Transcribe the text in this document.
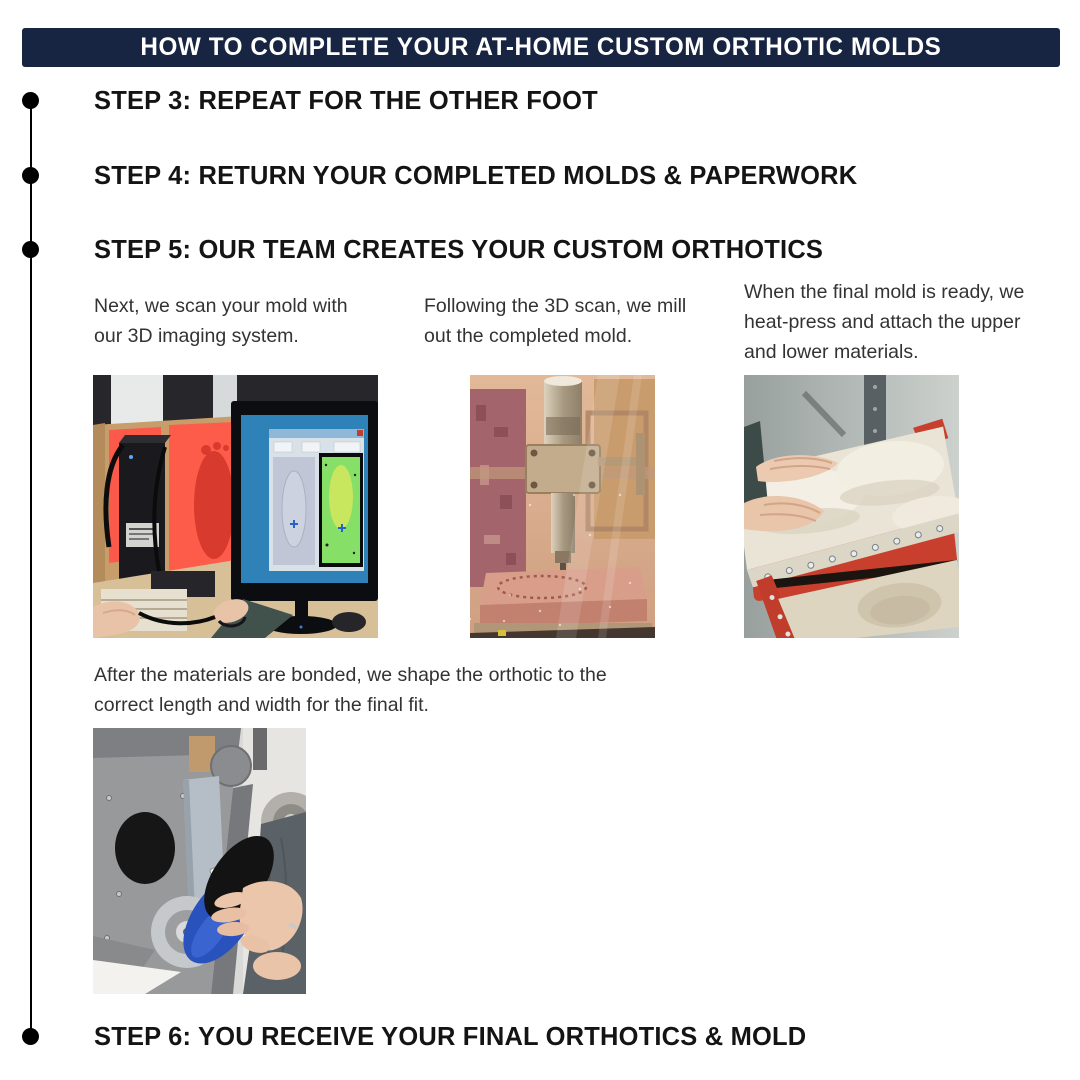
HOW TO COMPLETE YOUR AT-HOME CUSTOM ORTHOTIC MOLDS
STEP 3: REPEAT FOR THE OTHER FOOT
STEP 4: RETURN YOUR COMPLETED MOLDS & PAPERWORK
STEP 5: OUR TEAM CREATES YOUR CUSTOM ORTHOTICS
STEP 6: YOU RECEIVE YOUR FINAL ORTHOTICS & MOLD
Next, we scan your mold with our 3D imaging system.
Following the 3D scan, we mill out the completed mold.
When the final mold is ready, we heat-press and attach the upper and lower materials.
After the materials are bonded, we shape the orthotic to the correct length and width for the final fit.
